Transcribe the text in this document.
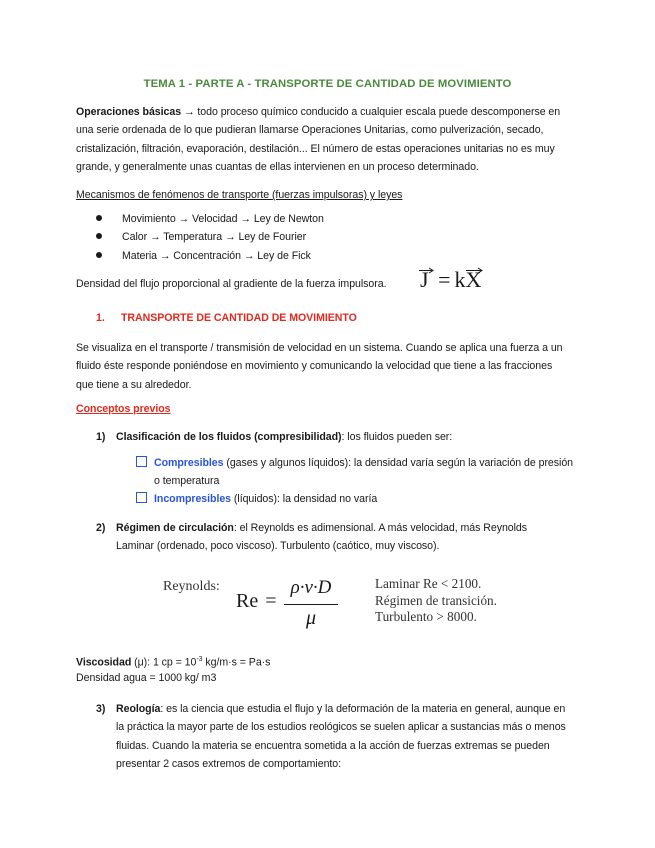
TEMA 1 - PARTE A - TRANSPORTE DE CANTIDAD DE MOVIMIENTO
Operaciones básicas → todo proceso químico conducido a cualquier escala puede descomponerse en
una serie ordenada de lo que pudieran llamarse Operaciones Unitarias, como pulverización, secado,
cristalización, filtración, evaporación, destilación... El número de estas operaciones unitarias no es muy
grande, y generalmente unas cuantas de ellas intervienen en un proceso determinado.
Mecanismos de fenómenos de transporte (fuerzas impulsoras) y leyes
Movimiento → Velocidad → Ley de Newton
Calor → Temperatura → Ley de Fourier
Materia → Concentración → Ley de Fick
Densidad del flujo proporcional al gradiente de la fuerza impulsora. J = k
X
1. TRANSPORTE DE CANTIDAD DE MOVIMIENTO
Se visualiza en el transporte / transmisión de velocidad en un sistema. Cuando se aplica una fuerza a un
fluido éste responde poniéndose en movimiento y comunicando la velocidad que tiene a las fracciones
que tiene a su alrededor.
Conceptos previos
1) Clasificación de los fluidos (compresibilidad): los fluidos pueden ser:
Compresibles (gases y algunos líquidos): la densidad varía según la variación de presión
o temperatura
Incompresibles (líquidos): la densidad no varía
2) Régimen de circulación: el Reynolds es adimensional. A más velocidad, más Reynolds
Laminar (ordenado, poco viscoso). Turbulento (caótico, muy viscoso).
Reynolds:
Re =
ρ·v·D
μ
Laminar Re < 2100.
Régimen de transición.
Turbulento > 8000.
Viscosidad (μ): 1 cp = $10^{-3}$ kg/m·s = Pa·s
Densidad agua = 1000 kg/ m3
3) Reología: es la ciencia que estudia el flujo y la deformación de la materia en general, aunque en
la práctica la mayor parte de los estudios reológicos se suelen aplicar a sustancias más o menos
fluidas. Cuando la materia se encuentra sometida a la acción de fuerzas extremas se pueden
presentar 2 casos extremos de comportamiento:
